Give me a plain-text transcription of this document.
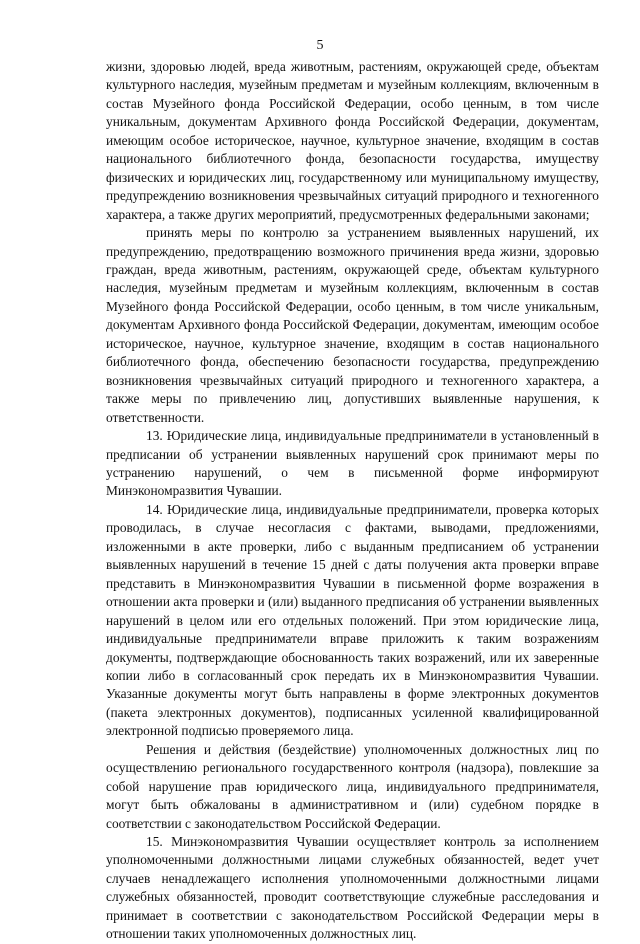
5

жизни, здоровью людей, вреда животным, растениям, окружающей среде, объектам культурного наследия, музейным предметам и музейным коллекциям, включенным в состав Музейного фонда Российской Федерации, особо ценным, в том числе уникальным, документам Архивного фонда Российской Федерации, документам, имеющим особое историческое, научное, культурное значение, входящим в состав национального библиотечного фонда, безопасности государства, имуществу физических и юридических лиц, государственному или муниципальному имуществу, предупреждению возникновения чрезвычайных ситуаций природного и техногенного характера, а также других мероприятий, предусмотренных федеральными законами;

принять меры по контролю за устранением выявленных нарушений, их предупреждению, предотвращению возможного причинения вреда жизни, здоровью граждан, вреда животным, растениям, окружающей среде, объектам культурного наследия, музейным предметам и музейным коллекциям, включенным в состав Музейного фонда Российской Федерации, особо ценным, в том числе уникальным, документам Архивного фонда Российской Федерации, документам, имеющим особое историческое, научное, культурное значение, входящим в состав национального библиотечного фонда, обеспечению безопасности государства, предупреждению возникновения чрезвычайных ситуаций природного и техногенного характера, а также меры по привлечению лиц, допустивших выявленные нарушения, к ответственности.

13. Юридические лица, индивидуальные предприниматели в установленный в предписании об устранении выявленных нарушений срок принимают меры по устранению нарушений, о чем в письменной форме информируют Минэкономразвития Чувашии.

14. Юридические лица, индивидуальные предприниматели, проверка которых проводилась, в случае несогласия с фактами, выводами, предложениями, изложенными в акте проверки, либо с выданным предписанием об устранении выявленных нарушений в течение 15 дней с даты получения акта проверки вправе представить в Минэкономразвития Чувашии в письменной форме возражения в отношении акта проверки и (или) выданного предписания об устранении выявленных нарушений в целом или его отдельных положений. При этом юридические лица, индивидуальные предприниматели вправе приложить к таким возражениям документы, подтверждающие обоснованность таких возражений, или их заверенные копии либо в согласованный срок передать их в Минэкономразвития Чувашии. Указанные документы могут быть направлены в форме электронных документов (пакета электронных документов), подписанных усиленной квалифицированной электронной подписью проверяемого лица.

Решения и действия (бездействие) уполномоченных должностных лиц по осуществлению регионального государственного контроля (надзора), повлекшие за собой нарушение прав юридического лица, индивидуального предпринимателя, могут быть обжалованы в административном и (или) судебном порядке в соответствии с законодательством Российской Федерации.

15. Минэкономразвития Чувашии осуществляет контроль за исполнением уполномоченными должностными лицами служебных обязанностей, ведет учет случаев ненадлежащего исполнения уполномоченными должностными лицами служебных обязанностей, проводит соответствующие служебные расследования и принимает в соответствии с законодательством Российской Федерации меры в отношении таких уполномоченных должностных лиц.
